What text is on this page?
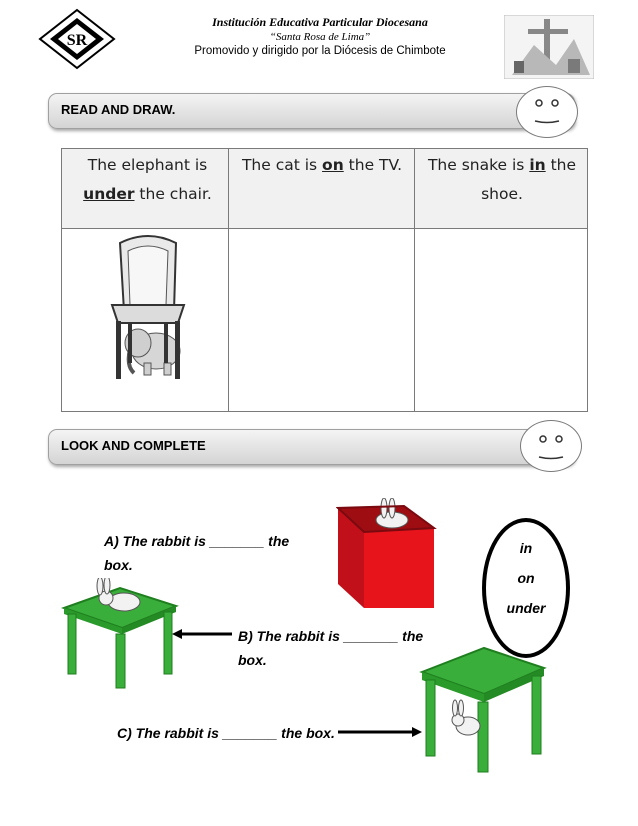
SR
Institución Educativa Particular Diocesana
“Santa Rosa de Lima”
Promovido y dirigido por la Diócesis de Chimbote
READ AND DRAW.
The elephant is under the chair.
The cat is on the TV.	The snake is in the shoe.
LOOK AND COMPLETE
A) The rabbit is _______ the
box.
B) The rabbit is _______ the
box.
C) The rabbit is _______ the box.
in
on
under
